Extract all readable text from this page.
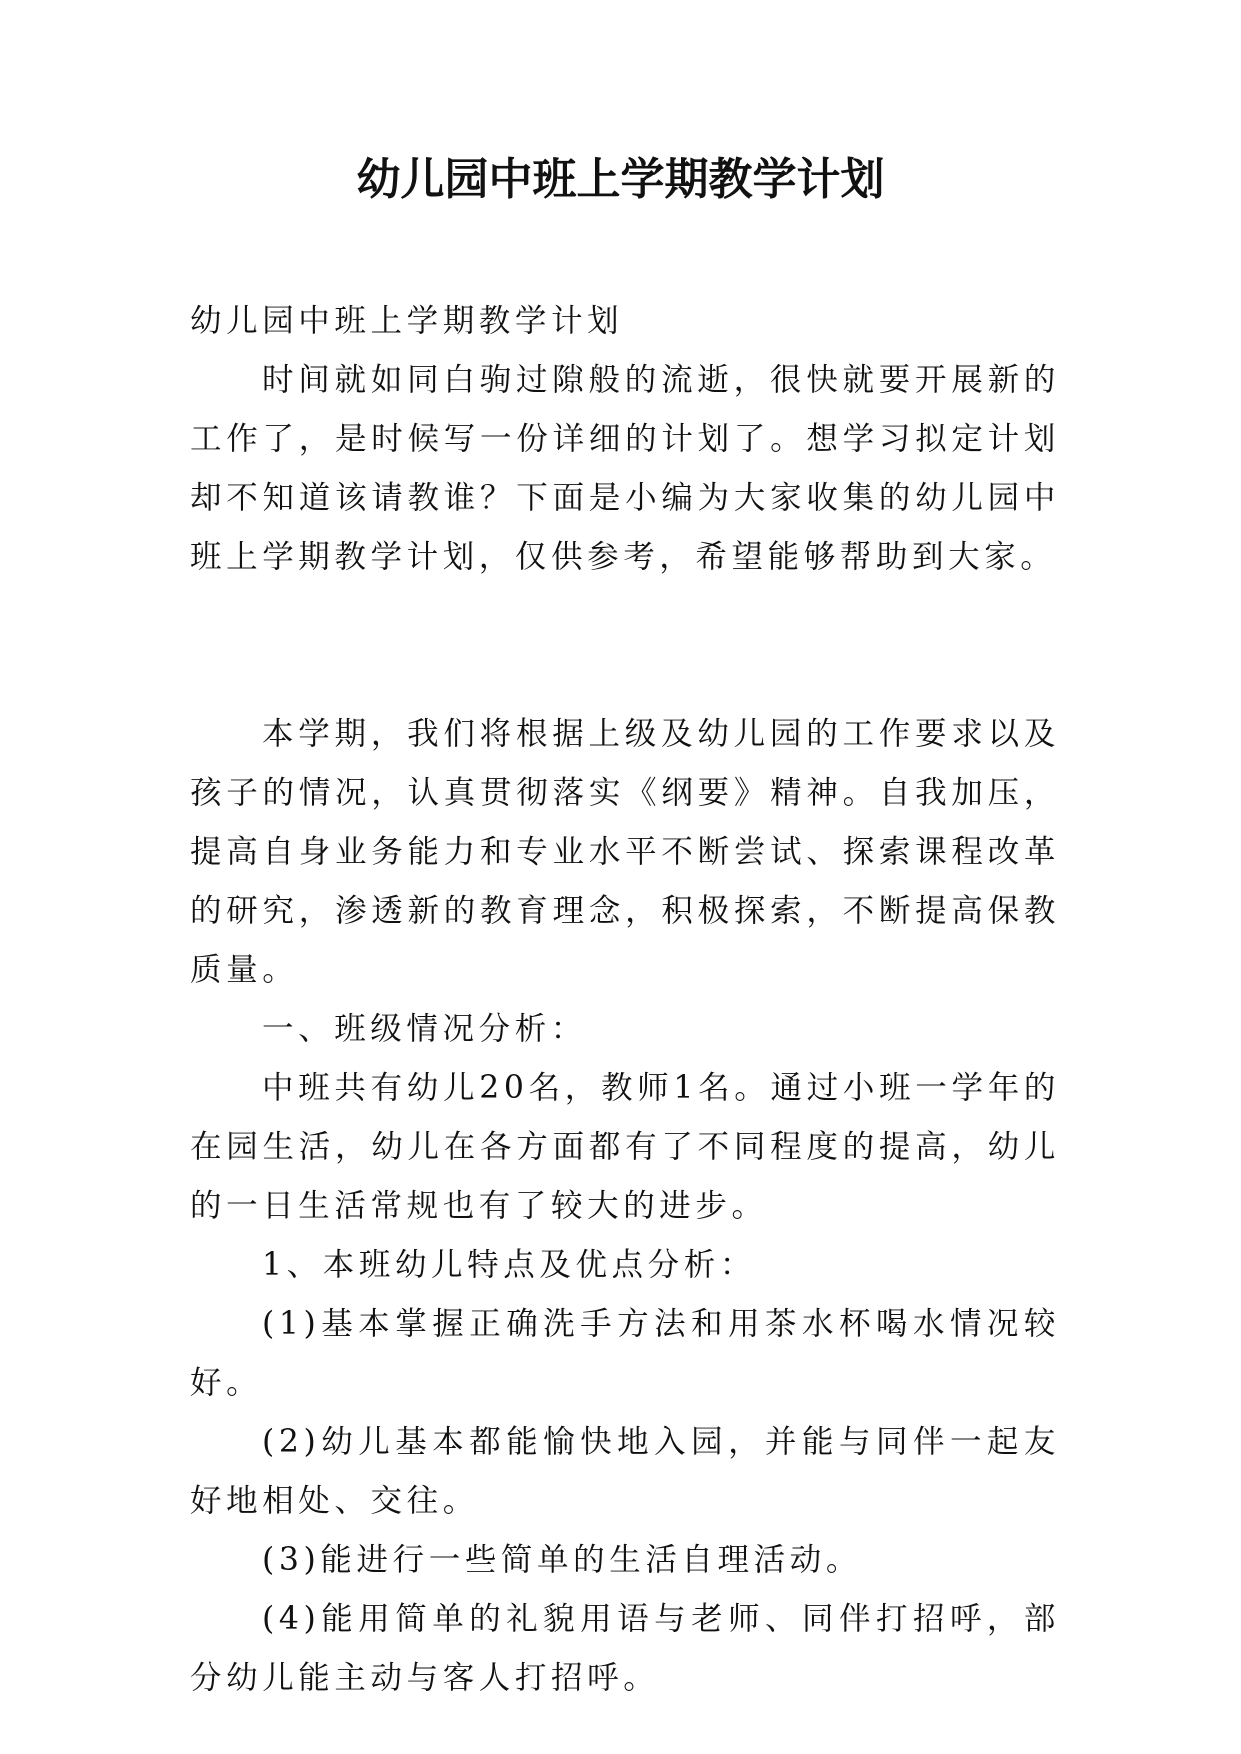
幼儿园中班上学期教学计划

幼儿园中班上学期教学计划

时间就如同白驹过隙般的流逝，很快就要开展新的工作了，是时候写一份详细的计划了。想学习拟定计划却不知道该请教谁？下面是小编为大家收集的幼儿园中班上学期教学计划，仅供参考，希望能够帮助到大家。

本学期，我们将根据上级及幼儿园的工作要求以及孩子的情况，认真贯彻落实《纲要》精神。自我加压，提高自身业务能力和专业水平不断尝试、探索课程改革的研究，渗透新的教育理念，积极探索，不断提高保教质量。

一、班级情况分析：

中班共有幼儿20名，教师1名。通过小班一学年的在园生活，幼儿在各方面都有了不同程度的提高，幼儿的一日生活常规也有了较大的进步。

1、本班幼儿特点及优点分析：

(1)基本掌握正确洗手方法和用茶水杯喝水情况较好。

(2)幼儿基本都能愉快地入园，并能与同伴一起友好地相处、交往。

(3)能进行一些简单的生活自理活动。

(4)能用简单的礼貌用语与老师、同伴打招呼，部分幼儿能主动与客人打招呼。
